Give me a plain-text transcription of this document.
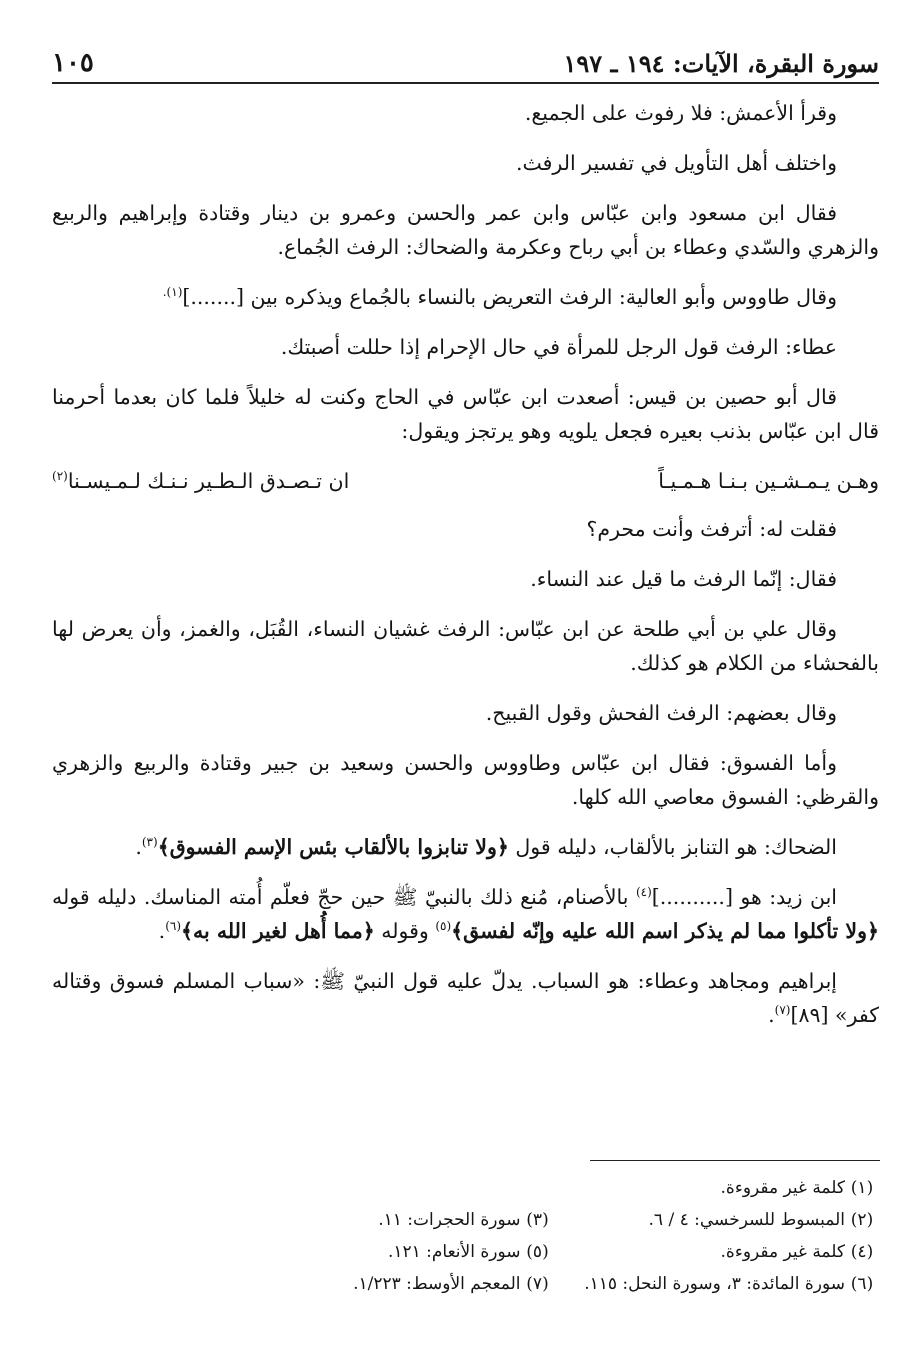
سورة البقرة، الآيات: ١٩٤ ـ ١٩٧
١٠٥

وقرأ الأعمش: فلا رفوث على الجميع.

واختلف أهل التأويل في تفسير الرفث.

فقال ابن مسعود وابن عبّاس وابن عمر والحسن وعمرو بن دينار وقتادة وإبراهيم والربيع والزهري والسّدي وعطاء بن أبي رباح وعكرمة والضحاك: الرفث الجُماع.

وقال طاووس وأبو العالية: الرفث التعريض بالنساء بالجُماع ويذكره بين [.......]$^{(١).}$

عطاء: الرفث قول الرجل للمرأة في حال الإحرام إذا حللت أصبتك.

قال أبو حصين بن قيس: أصعدت ابن عبّاس في الحاج وكنت له خليلاً فلما كان بعدما أحرمنا قال ابن عبّاس بذنب بعيره فجعل يلويه وهو يرتجز ويقول:

وهـن يـمـشـين بـنـا هـمـيـاً
ان تـصـدق الـطـير نـنـك لـمـيسـنا$^{(٢)}$

فقلت له: أترفث وأنت محرم؟

فقال: إنّما الرفث ما قيل عند النساء.

وقال علي بن أبي طلحة عن ابن عبّاس: الرفث غشيان النساء، القُبَل، والغمز، وأن يعرض لها بالفحشاء من الكلام هو كذلك.

وقال بعضهم: الرفث الفحش وقول القبيح.

وأما الفسوق: فقال ابن عبّاس وطاووس والحسن وسعيد بن جبير وقتادة والربيع والزهري والقرظي: الفسوق معاصي الله كلها.

الضحاك: هو التنابز بالألقاب، دليله قول ﴿ولا تنابزوا بالألقاب بئس الإسم الفسوق﴾$^{(٣)}$.

ابن زيد: هو [..........]$^{(٤)}$ بالأصنام، مُنع ذلك بالنبيّ ﷺ حين حجّ فعلّم أُمته المناسك. دليله قوله ﴿ولا تأكلوا مما لم يذكر اسم الله عليه وإنّه لفسق﴾$^{(٥)}$ وقوله ﴿مما أُهل لغير الله به﴾$^{(٦)}$.

إبراهيم ومجاهد وعطاء: هو السباب. يدلّ عليه قول النبيّ ﷺ: «سباب المسلم فسوق وقتاله كفر» [٨٩]$^{(٧)}$.

(١)
كلمة غير مقروءة.
(٢)
المبسوط للسرخسي: ٤ / ٦.
(٣)
سورة الحجرات: ١١.
(٤)
كلمة غير مقروءة.
(٥)
سورة الأنعام: ١٢١.
(٦)
سورة المائدة: ٣، وسورة النحل: ١١٥.
(٧)
المعجم الأوسط: ١/٢٢٣.
